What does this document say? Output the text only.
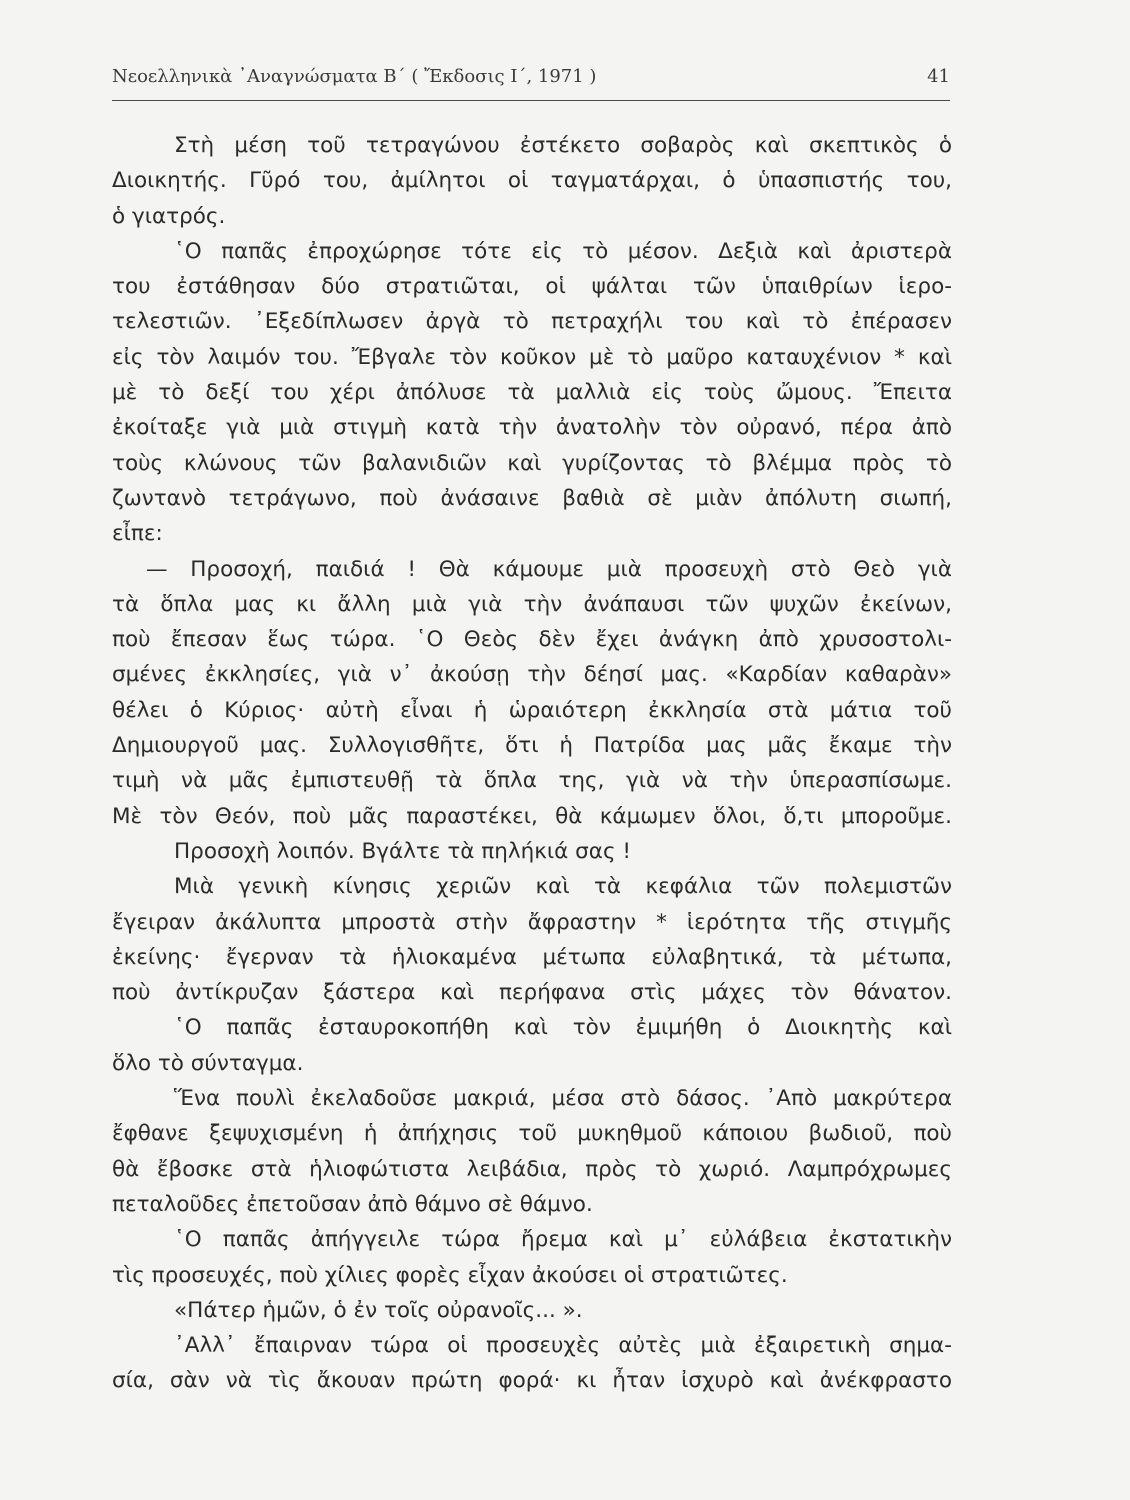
Νεοελληνικὰ ᾿Αναγνώσματα Β΄ ( Ἔκδοσις Ι΄, 1971 )	41
Στὴ μέση τοῦ τετραγώνου ἐστέκετο σοβαρὸς καὶ σκεπτικὸς ὁ
Διοικητής. Γῦρό του, ἀμίλητοι οἱ ταγματάρχαι, ὁ ὑπασπιστής του,
ὁ γιατρός.
῾Ο παπᾶς ἐπροχώρησε τότε εἰς τὸ μέσον. Δεξιὰ καὶ ἀριστερὰ
του ἐστάθησαν δύο στρατιῶται, οἱ ψάλται τῶν ὑπαιθρίων ἱερο-
τελεστιῶν. ᾿Εξεδίπλωσεν ἀργὰ τὸ πετραχήλι του καὶ τὸ ἐπέρασεν
εἰς τὸν λαιμόν του. Ἔβγαλε τὸν κοῦκον μὲ τὸ μαῦρο καταυχένιον * καὶ
μὲ τὸ δεξί του χέρι ἀπόλυσε τὰ μαλλιὰ εἰς τοὺς ὤμους. Ἔπειτα
ἐκοίταξε γιὰ μιὰ στιγμὴ κατὰ τὴν ἀνατολὴν τὸν οὐρανό, πέρα ἀπὸ
τοὺς κλώνους τῶν βαλανιδιῶν καὶ γυρίζοντας τὸ βλέμμα πρὸς τὸ
ζωντανὸ τετράγωνο, ποὺ ἀνάσαινε βαθιὰ σὲ μιὰν ἀπόλυτη σιωπή,
εἶπε:
— Προσοχή, παιδιά ! Θὰ κάμουμε μιὰ προσευχὴ στὸ Θεὸ γιὰ
τὰ ὅπλα μας κι ἄλλη μιὰ γιὰ τὴν ἀνάπαυσι τῶν ψυχῶν ἐκείνων,
ποὺ ἔπεσαν ἕως τώρα. ῾Ο Θεὸς δὲν ἔχει ἀνάγκη ἀπὸ χρυσοστολι-
σμένες ἐκκλησίες, γιὰ ν᾿ ἀκούσῃ τὴν δέησί μας. «Καρδίαν καθαρὰν»
θέλει ὁ Κύριος· αὐτὴ εἶναι ἡ ὡραιότερη ἐκκλησία στὰ μάτια τοῦ
Δημιουργοῦ μας. Συλλογισθῆτε, ὅτι ἡ Πατρίδα μας μᾶς ἔκαμε τὴν
τιμὴ νὰ μᾶς ἐμπιστευθῇ τὰ ὅπλα της, γιὰ νὰ τὴν ὑπερασπίσωμε.
Μὲ τὸν Θεόν, ποὺ μᾶς παραστέκει, θὰ κάμωμεν ὅλοι, ὅ,τι μποροῦμε.
Προσοχὴ λοιπόν. Βγάλτε τὰ πηλήκιά σας !
Μιὰ γενικὴ κίνησις χεριῶν καὶ τὰ κεφάλια τῶν πολεμιστῶν
ἔγειραν ἀκάλυπτα μπροστὰ στὴν ἄφραστην * ἱερότητα τῆς στιγμῆς
ἐκείνης· ἔγερναν τὰ ἡλιοκαμένα μέτωπα εὐλαβητικά, τὰ μέτωπα,
ποὺ ἀντίκρυζαν ξάστερα καὶ περήφανα στὶς μάχες τὸν θάνατον.
῾Ο παπᾶς ἐσταυροκοπήθη καὶ τὸν ἐμιμήθη ὁ Διοικητὴς καὶ
ὅλο τὸ σύνταγμα.
Ἕνα πουλὶ ἐκελαδοῦσε μακριά, μέσα στὸ δάσος. ᾿Απὸ μακρύτερα
ἔφθανε ξεψυχισμένη ἡ ἀπήχησις τοῦ μυκηθμοῦ κάποιου βωδιοῦ, ποὺ
θὰ ἔβοσκε στὰ ἡλιοφώτιστα λειβάδια, πρὸς τὸ χωριό. Λαμπρόχρωμες
πεταλοῦδες ἐπετοῦσαν ἀπὸ θάμνο σὲ θάμνο.
῾Ο παπᾶς ἀπήγγειλε τώρα ἤρεμα καὶ μ᾿ εὐλάβεια ἐκστατικὴν
τὶς προσευχές, ποὺ χίλιες φορὲς εἶχαν ἀκούσει οἱ στρατιῶτες.
«Πάτερ ἡμῶν, ὁ ἐν τοῖς οὐρανοῖς... ».
᾿Αλλ᾿ ἔπαιρναν τώρα οἱ προσευχὲς αὐτὲς μιὰ ἐξαιρετικὴ σημα-
σία, σὰν νὰ τὶς ἄκουαν πρώτη φορά· κι ἦταν ἰσχυρὸ καὶ ἀνέκφραστο
